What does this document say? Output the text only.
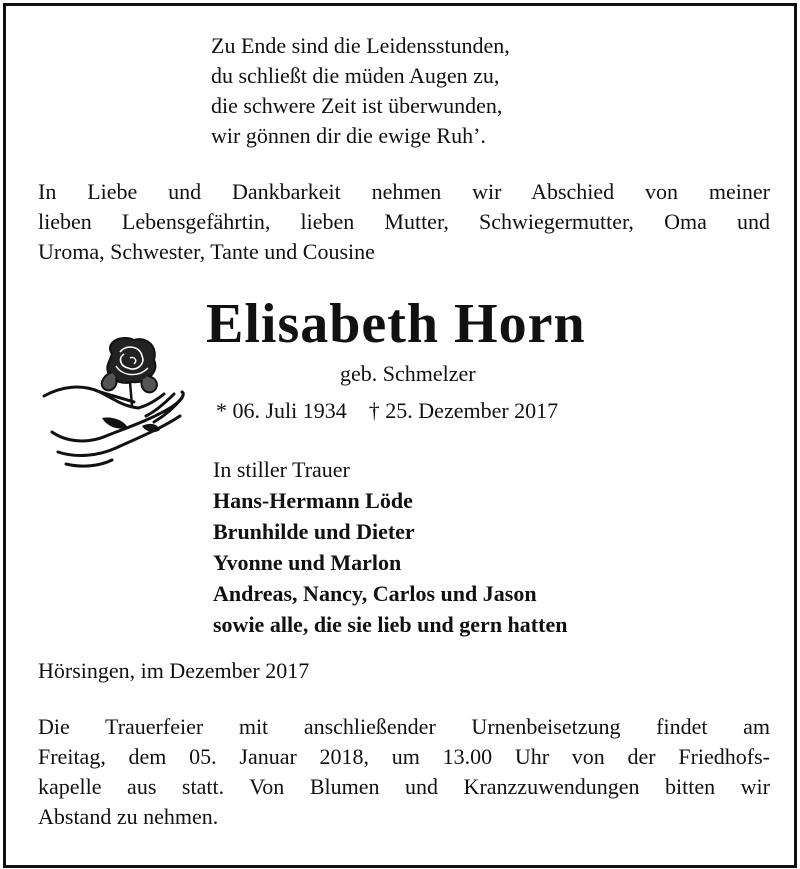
Zu Ende sind die Leidensstunden,
du schließt die müden Augen zu,
die schwere Zeit ist überwunden,
wir gönnen dir die ewige Ruh’.
In Liebe und Dankbarkeit nehmen wir Abschied von meiner
lieben Lebensgefährtin, lieben Mutter, Schwiegermutter, Oma und
Uroma, Schwester, Tante und Cousine
Elisabeth Horn
geb. Schmelzer
* 06. Juli 1934 † 25. Dezember 2017
In stiller Trauer
Hans-Hermann Löde
Brunhilde und Dieter
Yvonne und Marlon
Andreas, Nancy, Carlos und Jason
sowie alle, die sie lieb und gern hatten
Hörsingen, im Dezember 2017
Die Trauerfeier mit anschließender Urnenbeisetzung findet am
Freitag, dem 05. Januar 2018, um 13.00 Uhr von der Friedhofs-
kapelle aus statt. Von Blumen und Kranzzuwendungen bitten wir
Abstand zu nehmen.
